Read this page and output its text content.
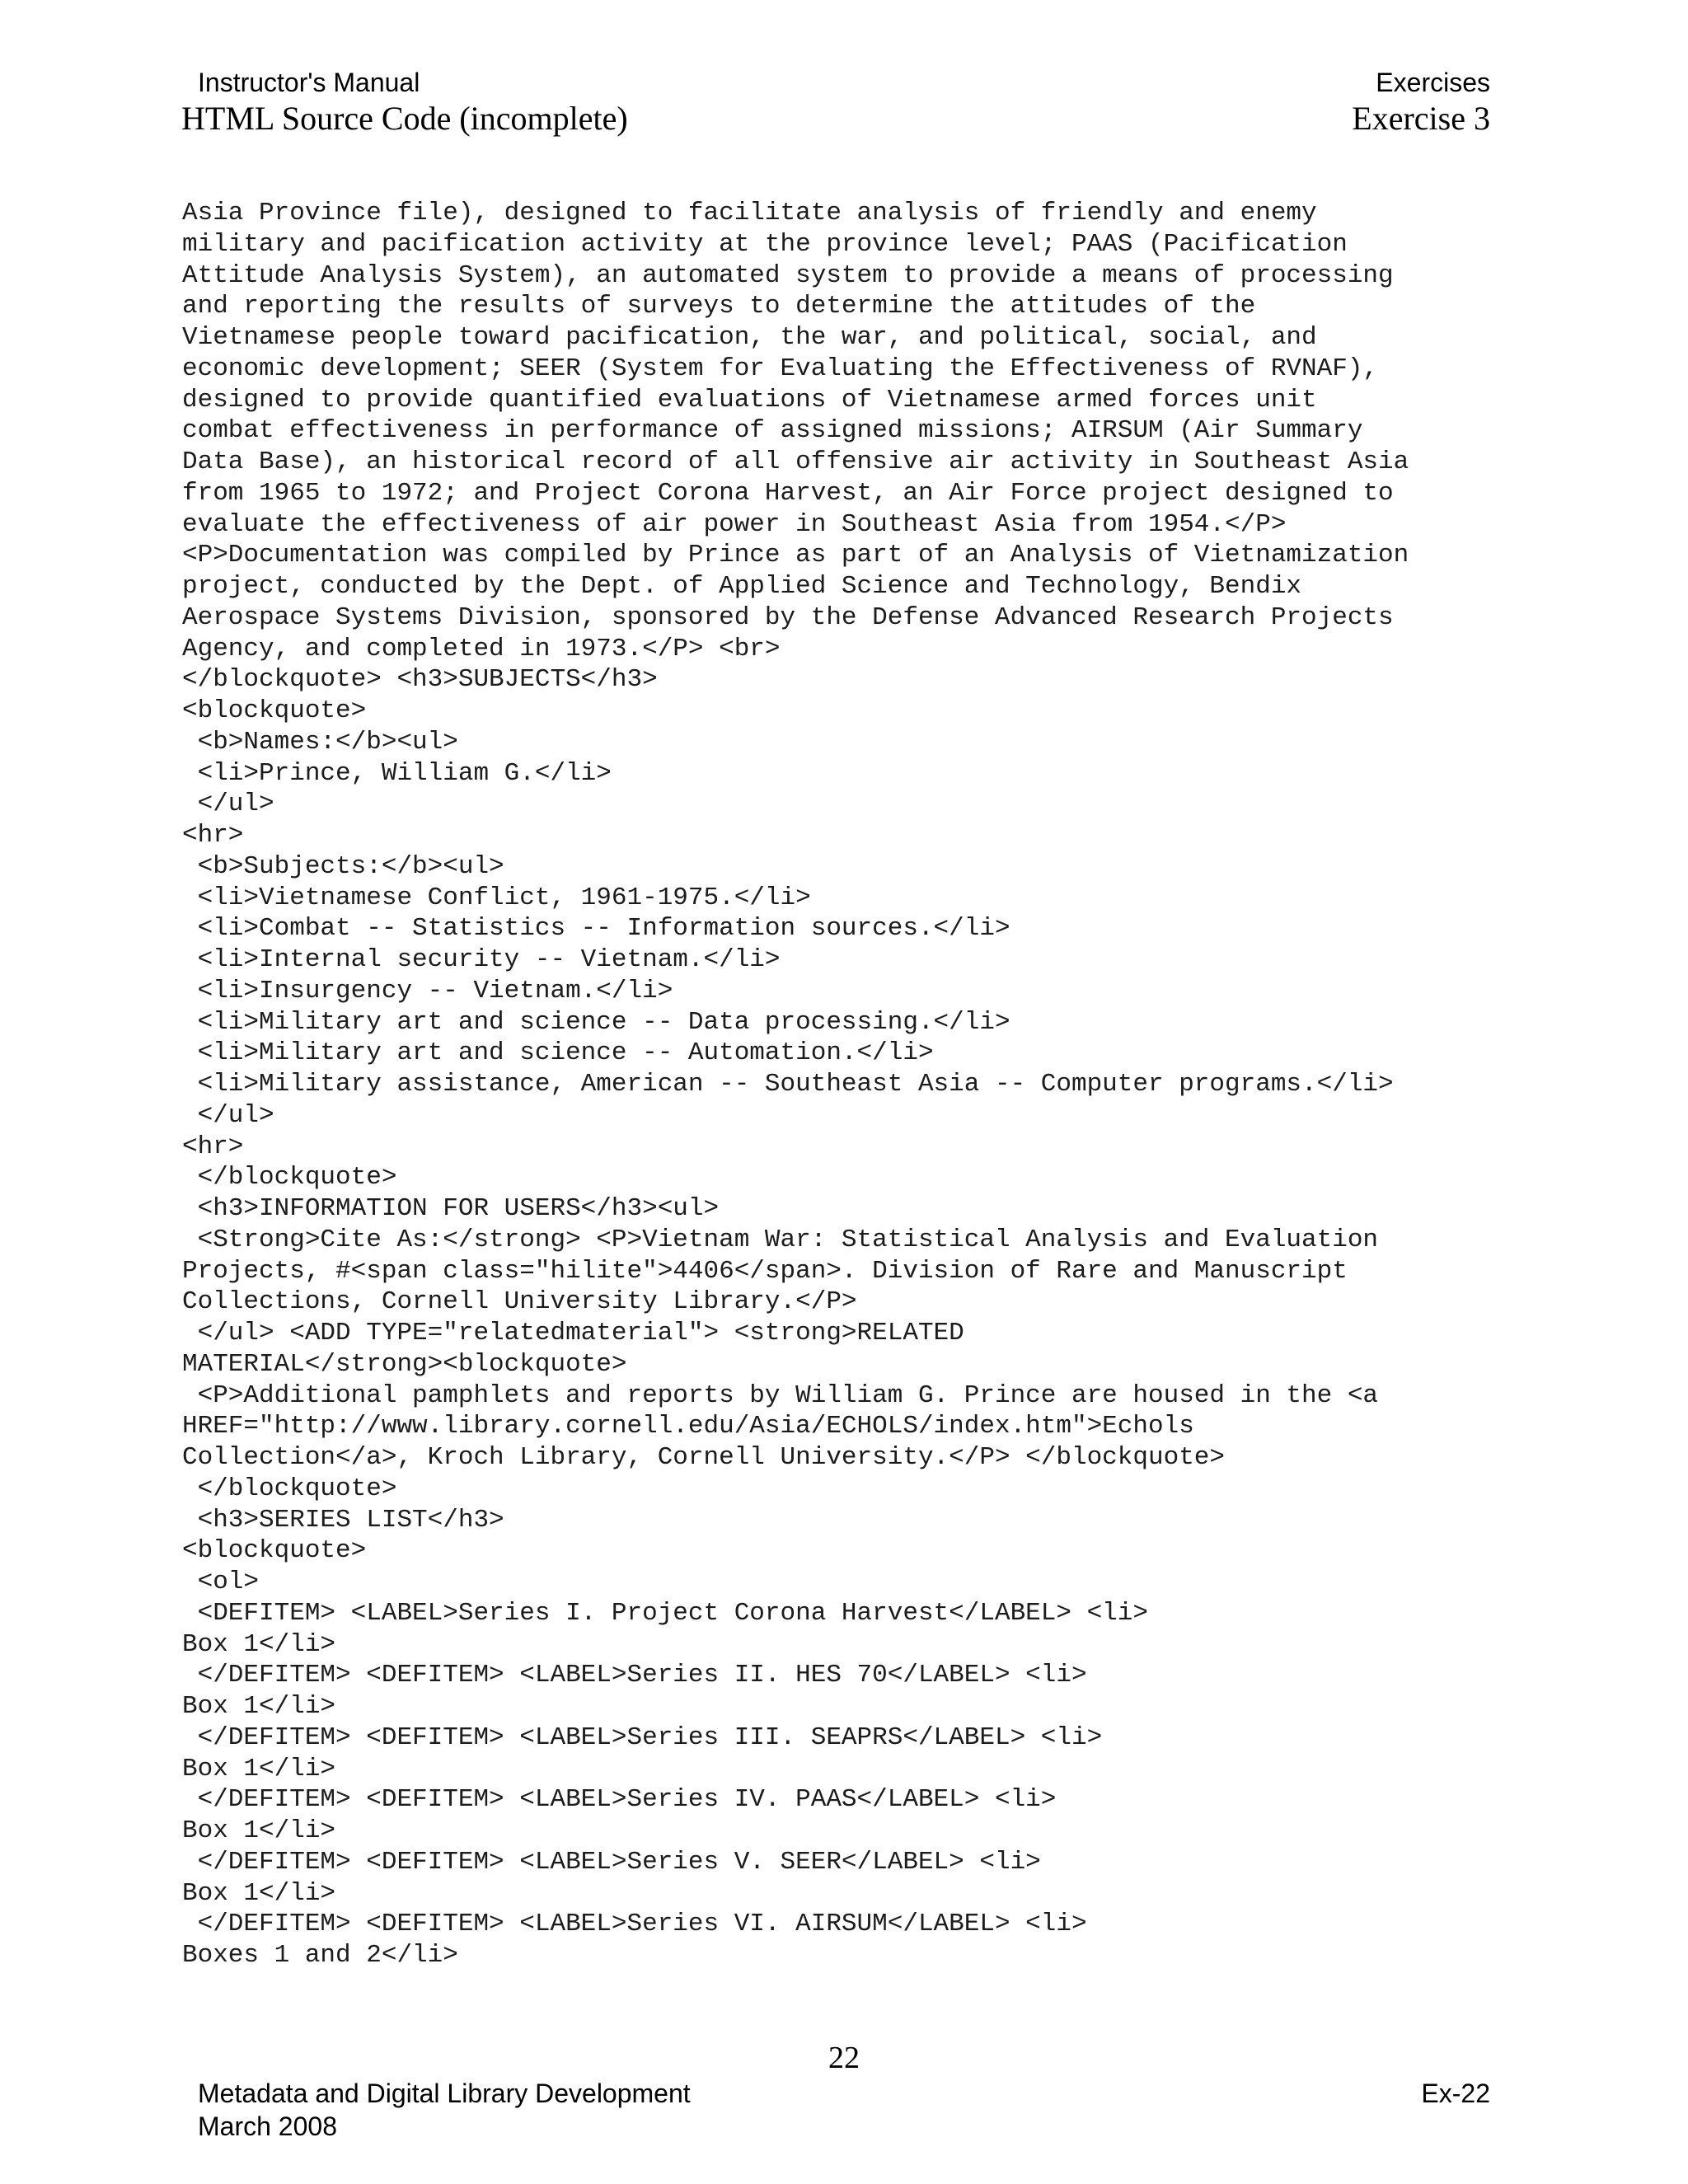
Instructor's Manual	Exercises
HTML Source Code (incomplete)	Exercise 3
Asia Province file), designed to facilitate analysis of friendly and enemy
military and pacification activity at the province level; PAAS (Pacification
Attitude Analysis System), an automated system to provide a means of processing
and reporting the results of surveys to determine the attitudes of the
Vietnamese people toward pacification, the war, and political, social, and
economic development; SEER (System for Evaluating the Effectiveness of RVNAF),
designed to provide quantified evaluations of Vietnamese armed forces unit
combat effectiveness in performance of assigned missions; AIRSUM (Air Summary
Data Base), an historical record of all offensive air activity in Southeast Asia
from 1965 to 1972; and Project Corona Harvest, an Air Force project designed to
evaluate the effectiveness of air power in Southeast Asia from 1954.</P>
<P>Documentation was compiled by Prince as part of an Analysis of Vietnamization
project, conducted by the Dept. of Applied Science and Technology, Bendix
Aerospace Systems Division, sponsored by the Defense Advanced Research Projects
Agency, and completed in 1973.</P> <br>
</blockquote> <h3>SUBJECTS</h3>
<blockquote>
<b>Names:</b><ul>
<li>Prince, William G.</li>
</ul>
<hr>
<b>Subjects:</b><ul>
<li>Vietnamese Conflict, 1961-1975.</li>
<li>Combat -- Statistics -- Information sources.</li>
<li>Internal security -- Vietnam.</li>
<li>Insurgency -- Vietnam.</li>
<li>Military art and science -- Data processing.</li>
<li>Military art and science -- Automation.</li>
<li>Military assistance, American -- Southeast Asia -- Computer programs.</li>
</ul>
<hr>
</blockquote>
<h3>INFORMATION FOR USERS</h3><ul>
<Strong>Cite As:</strong> <P>Vietnam War: Statistical Analysis and Evaluation
Projects, #<span class="hilite">4406</span>. Division of Rare and Manuscript
Collections, Cornell University Library.</P>
</ul> <ADD TYPE="relatedmaterial"> <strong>RELATED
MATERIAL</strong><blockquote>
<P>Additional pamphlets and reports by William G. Prince are housed in the <a
HREF="http://www.library.cornell.edu/Asia/ECHOLS/index.htm">Echols
Collection</a>, Kroch Library, Cornell University.</P> </blockquote>
</blockquote>
<h3>SERIES LIST</h3>
<blockquote>
<ol>
<DEFITEM> <LABEL>Series I. Project Corona Harvest</LABEL> <li>
Box 1</li>
</DEFITEM> <DEFITEM> <LABEL>Series II. HES 70</LABEL> <li>
Box 1</li>
</DEFITEM> <DEFITEM> <LABEL>Series III. SEAPRS</LABEL> <li>
Box 1</li>
</DEFITEM> <DEFITEM> <LABEL>Series IV. PAAS</LABEL> <li>
Box 1</li>
</DEFITEM> <DEFITEM> <LABEL>Series V. SEER</LABEL> <li>
Box 1</li>
</DEFITEM> <DEFITEM> <LABEL>Series VI. AIRSUM</LABEL> <li>
Boxes 1 and 2</li>
22
Metadata and Digital Library Development
March 2008
Ex-22
